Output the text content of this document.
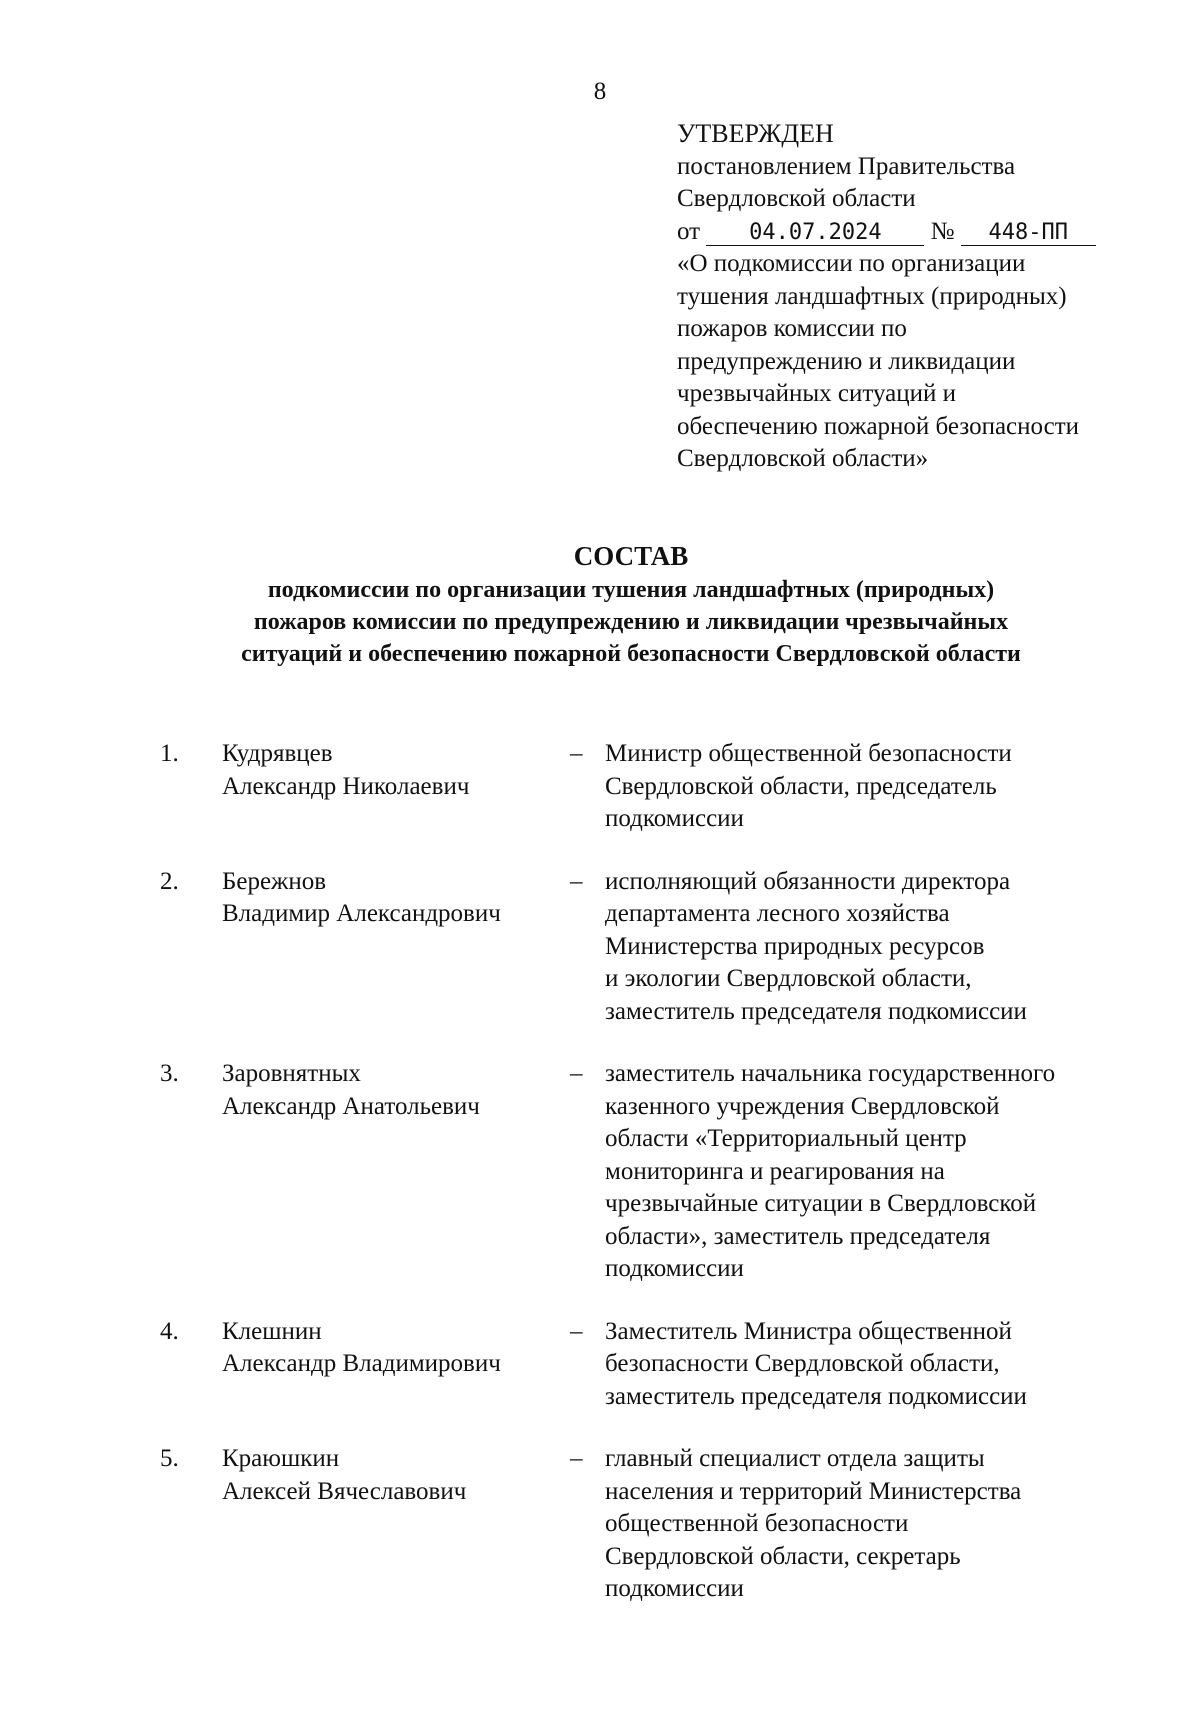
8
УТВЕРЖДЕН
постановлением Правительства
Свердловской области
от 04.07.2024 № 448-ПП
«О подкомиссии по организации
тушения ландшафтных (природных)
пожаров комиссии по
предупреждению и ликвидации
чрезвычайных ситуаций и
обеспечению пожарной безопасности
Свердловской области»
СОСТАВ
подкомиссии по организации тушения ландшафтных (природных)
пожаров комиссии по предупреждению и ликвидации чрезвычайных
ситуаций и обеспечению пожарной безопасности Свердловской области
1. Кудрявцев
Александр Николаевич
– Министр общественной безопасности
Свердловской области, председатель
подкомиссии
2. Бережнов
Владимир Александрович
– исполняющий обязанности директора
департамента лесного хозяйства
Министерства природных ресурсов
и экологии Свердловской области,
заместитель председателя подкомиссии
3. Заровнятных
Александр Анатольевич
– заместитель начальника государственного
казенного учреждения Свердловской
области «Территориальный центр
мониторинга и реагирования на
чрезвычайные ситуации в Свердловской
области», заместитель председателя
подкомиссии
4. Клешнин
Александр Владимирович
– Заместитель Министра общественной
безопасности Свердловской области,
заместитель председателя подкомиссии
5. Краюшкин
Алексей Вячеславович
– главный специалист отдела защиты
населения и территорий Министерства
общественной безопасности
Свердловской области, секретарь
подкомиссии
